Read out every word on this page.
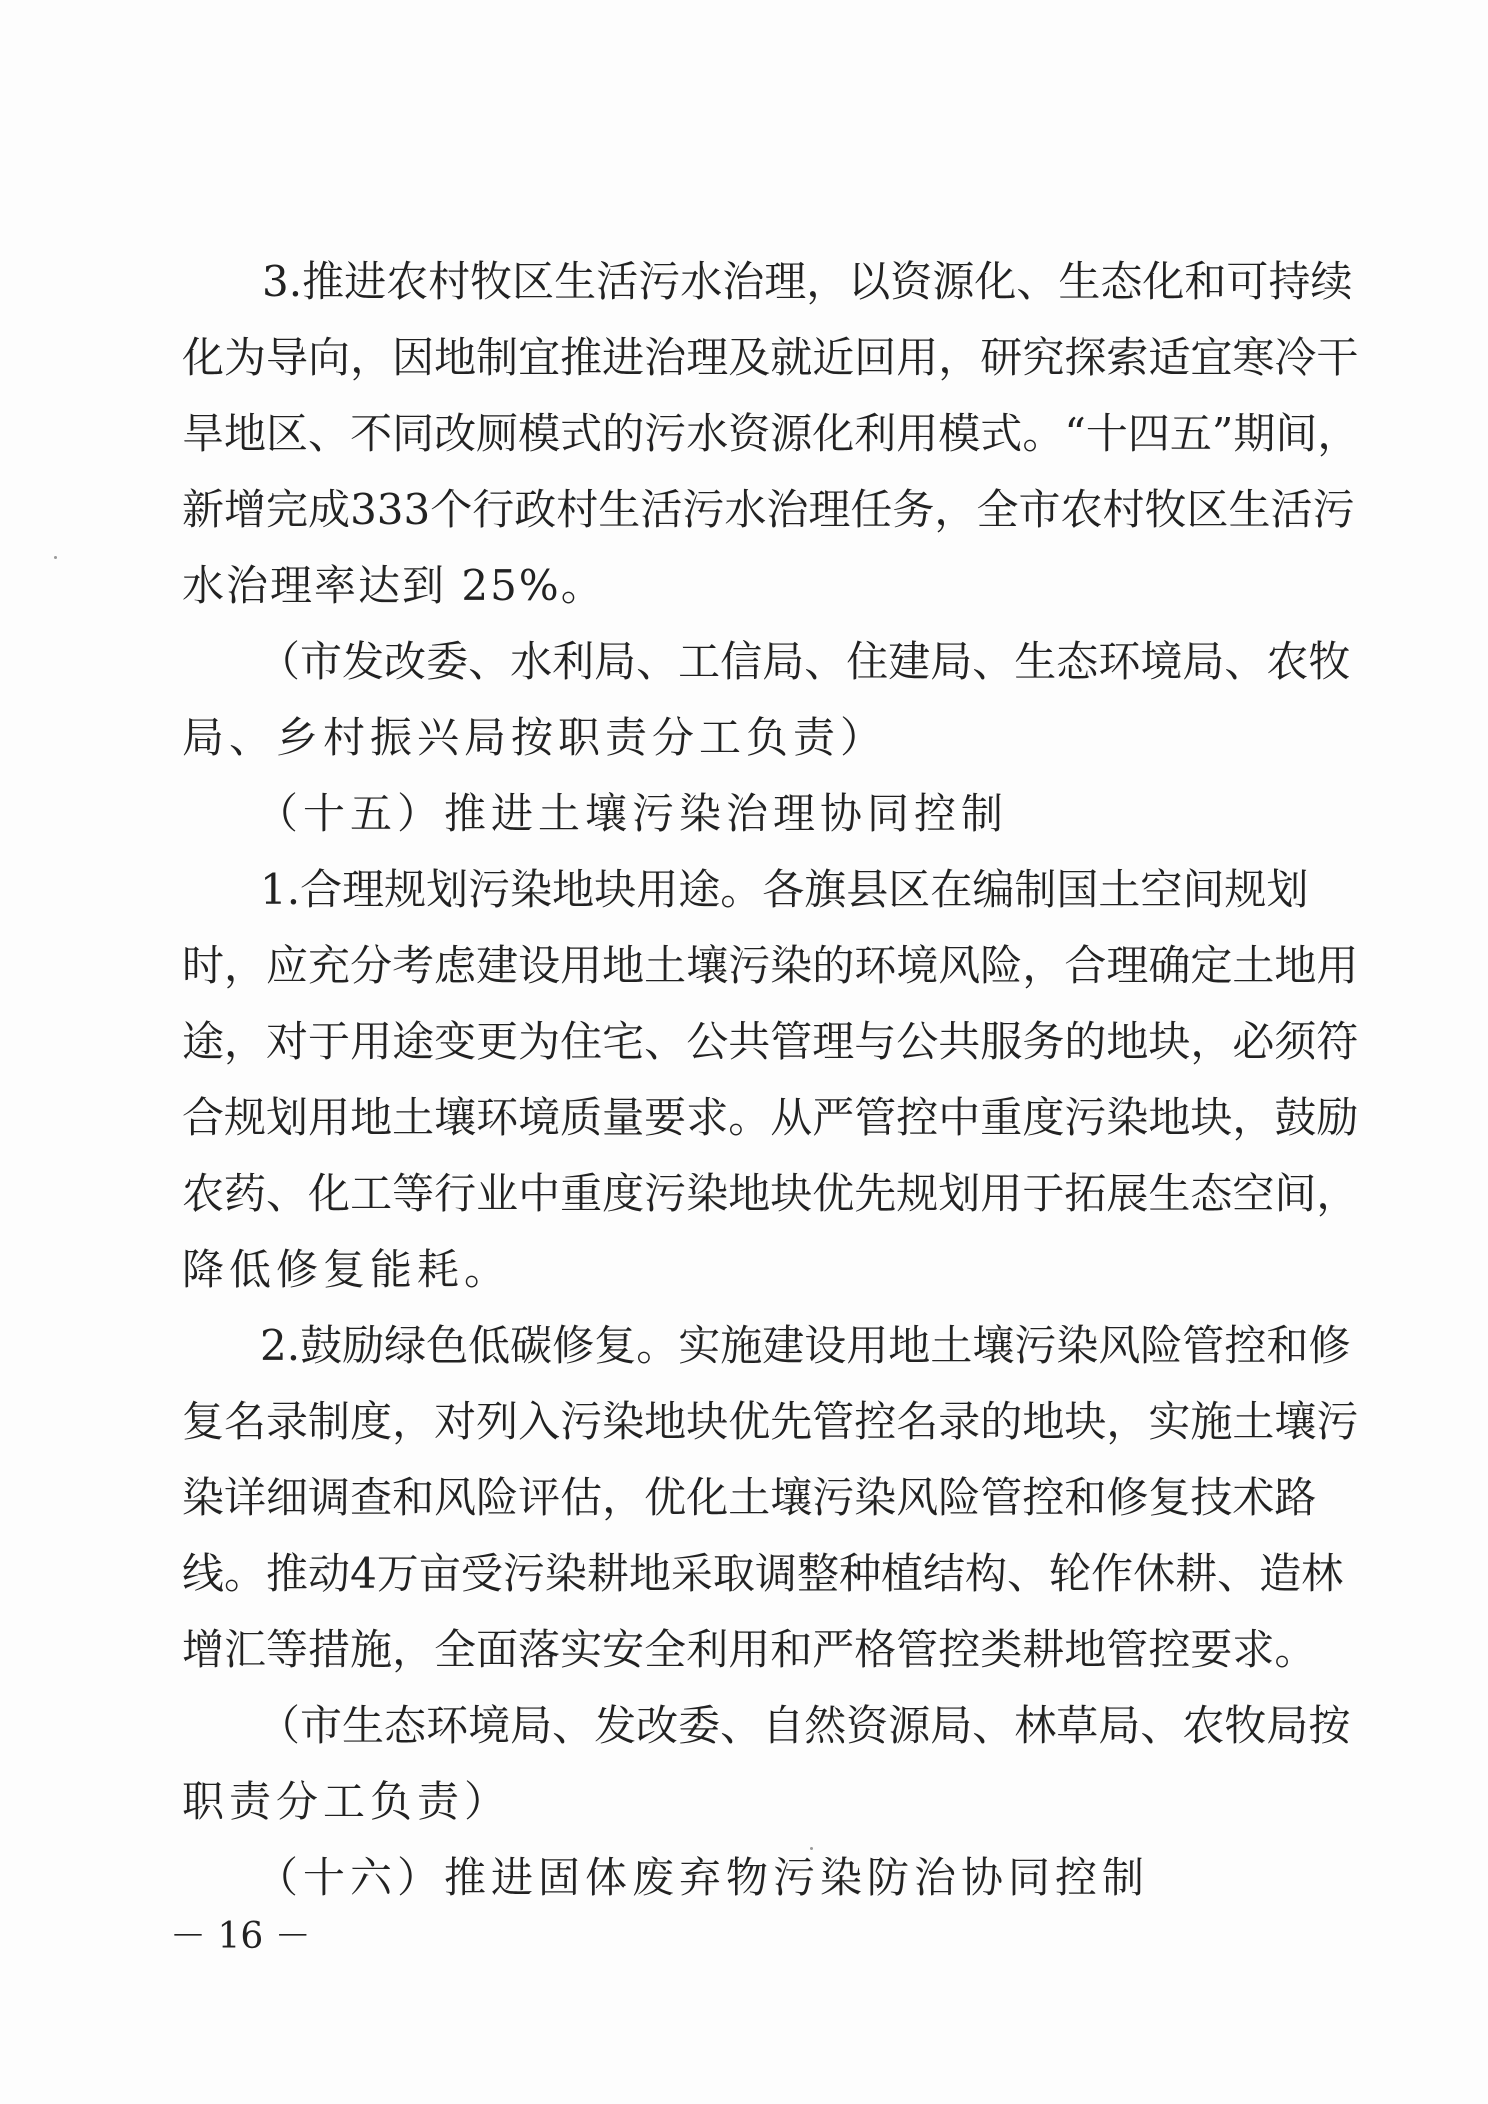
3. 推 进 农 村 牧 区 生 活 污 水 治 理 ， 以 资 源 化 、 生 态 化 和 可 持 续
化 为 导 向 ， 因 地 制 宜 推 进 治 理 及 就 近 回 用 ， 研 究 探 索 适 宜 寒 冷 干
旱 地 区 、 不 同 改 厕 模 式 的 污 水 资 源 化 利 用 模 式 。 “ 十 四 五 ” 期 间 ，
新 增 完 成 333 个 行 政 村 生 活 污 水 治 理 任 务 ， 全 市 农 村 牧 区 生 活 污
水治理率达到 25%。
（ 市 发 改 委 、 水 利 局 、 工 信 局 、 住 建 局 、 生 态 环 境 局 、 农 牧
局、乡村振兴局按职责分工负责）
（十五）推进土壤污染治理协同控制
1. 合 理 规 划 污 染 地 块 用 途 。 各 旗 县 区 在 编 制 国 土 空 间 规 划
时 ， 应 充 分 考 虑 建 设 用 地 土 壤 污 染 的 环 境 风 险 ， 合 理 确 定 土 地 用
途 ， 对 于 用 途 变 更 为 住 宅 、 公 共 管 理 与 公 共 服 务 的 地 块 ， 必 须 符
合 规 划 用 地 土 壤 环 境 质 量 要 求 。 从 严 管 控 中 重 度 污 染 地 块 ， 鼓 励
农 药 、 化 工 等 行 业 中 重 度 污 染 地 块 优 先 规 划 用 于 拓 展 生 态 空 间 ，
降低修复能耗。
2. 鼓 励 绿 色 低 碳 修 复 。 实 施 建 设 用 地 土 壤 污 染 风 险 管 控 和 修
复 名 录 制 度 ， 对 列 入 污 染 地 块 优 先 管 控 名 录 的 地 块 ， 实 施 土 壤 污
染 详 细 调 查 和 风 险 评 估 ， 优 化 土 壤 污 染 风 险 管 控 和 修 复 技 术 路
线 。 推 动 4 万 亩 受 污 染 耕 地 采 取 调 整 种 植 结 构 、 轮 作 休 耕 、 造 林
增 汇 等 措 施 ， 全 面 落 实 安 全 利 用 和 严 格 管 控 类 耕 地 管 控 要 求 。
（ 市 生 态 环 境 局 、 发 改 委 、 自 然 资 源 局 、 林 草 局 、 农 牧 局 按
职责分工负责）
（十六）推进固体废弃物污染防治协同控制
－ 16 －
